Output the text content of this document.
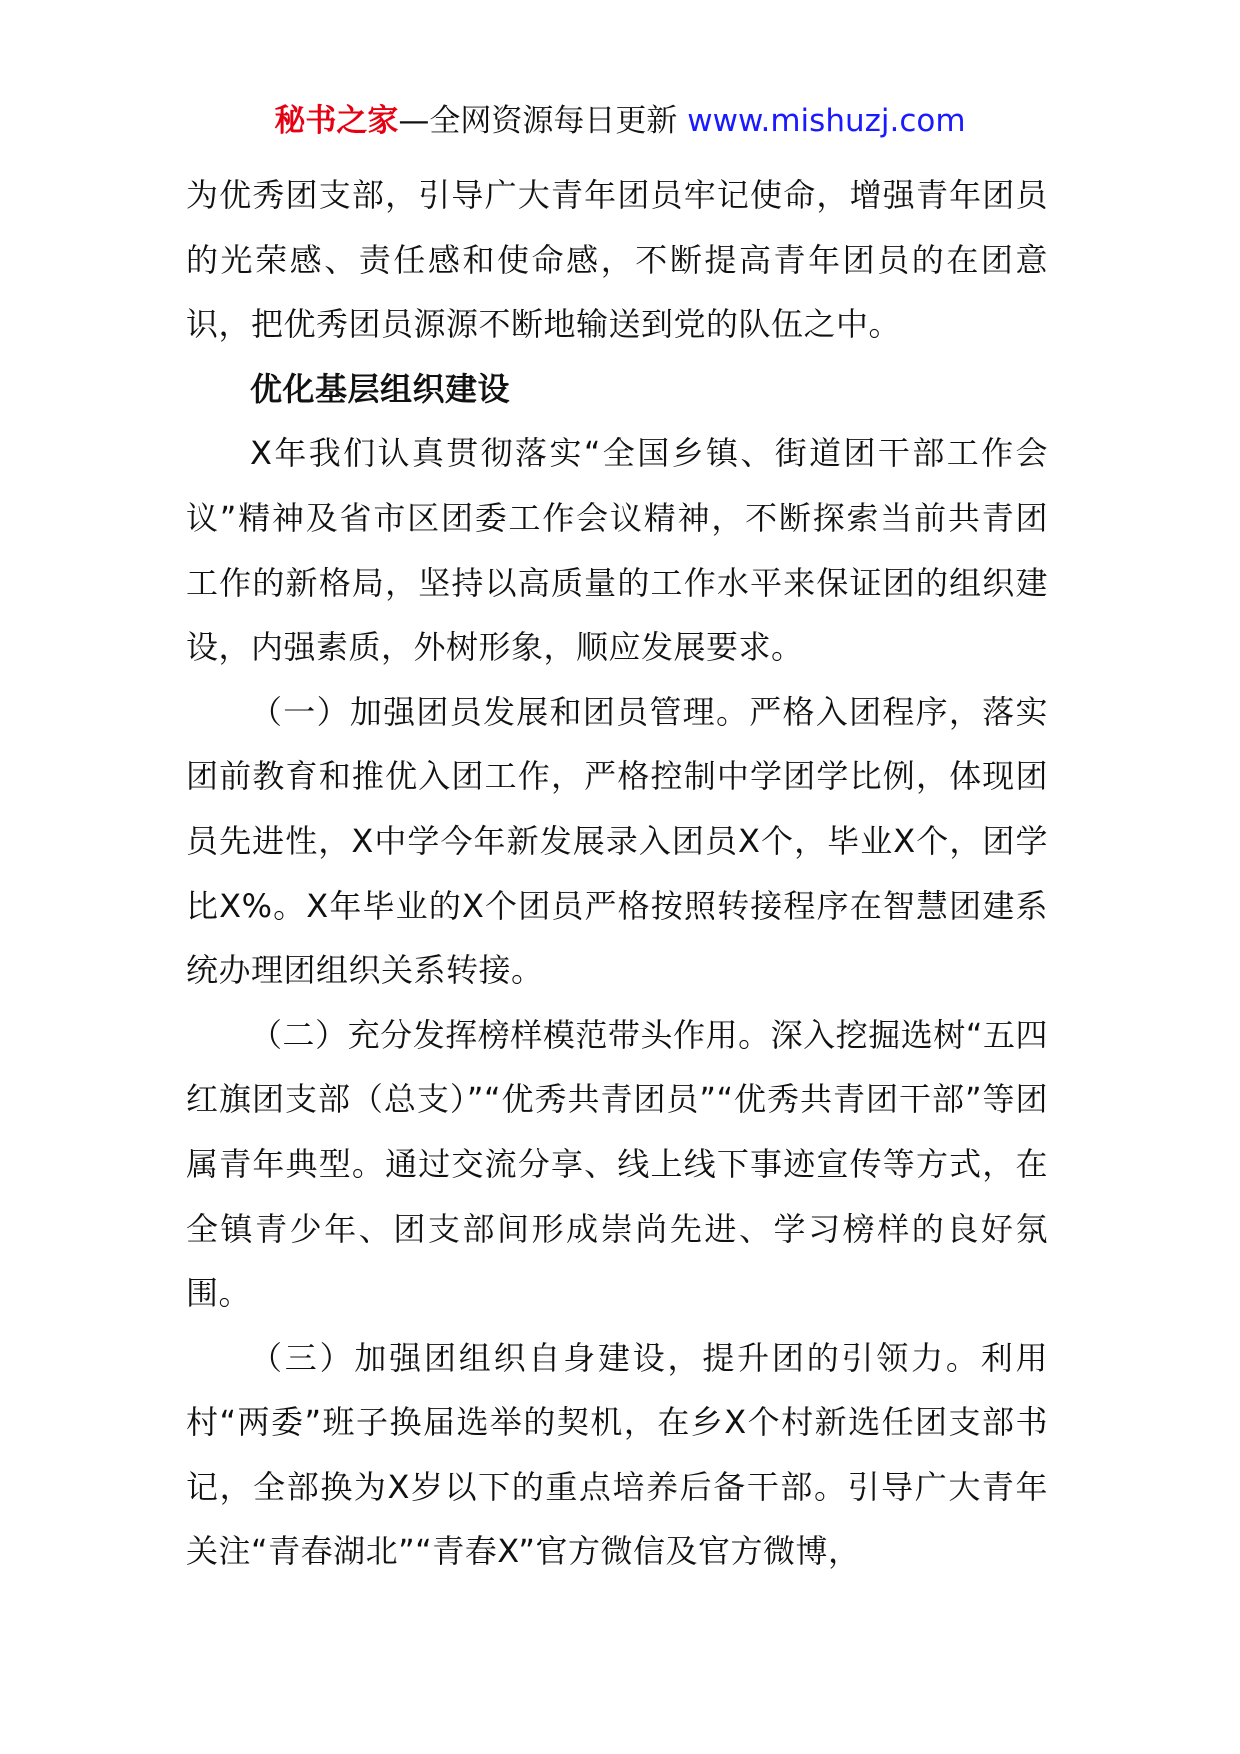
秘书之家—全网资源每日更新 www.mishuzj.com

为优秀团支部，引导广大青年团员牢记使命，增强青年团员的光荣感、责任感和使命感，不断提高青年团员的在团意识，把优秀团员源源不断地输送到党的队伍之中。

优化基层组织建设

X年我们认真贯彻落实“全国乡镇、街道团干部工作会议”精神及省市区团委工作会议精神，不断探索当前共青团工作的新格局，坚持以高质量的工作水平来保证团的组织建设，内强素质，外树形象，顺应发展要求。

（一）加强团员发展和团员管理。严格入团程序，落实团前教育和推优入团工作，严格控制中学团学比例，体现团员先进性，X中学今年新发展录入团员X个，毕业X个，团学比X%。X年毕业的X个团员严格按照转接程序在智慧团建系统办理团组织关系转接。

（二）充分发挥榜样模范带头作用。深入挖掘选树“五四红旗团支部（总支）”“优秀共青团员”“优秀共青团干部”等团属青年典型。通过交流分享、线上线下事迹宣传等方式，在全镇青少年、团支部间形成崇尚先进、学习榜样的良好氛围。

（三）加强团组织自身建设，提升团的引领力。利用村“两委”班子换届选举的契机，在乡X个村新选任团支部书记，全部换为X岁以下的重点培养后备干部。引导广大青年关注“青春湖北”“青春X”官方微信及官方微博，
